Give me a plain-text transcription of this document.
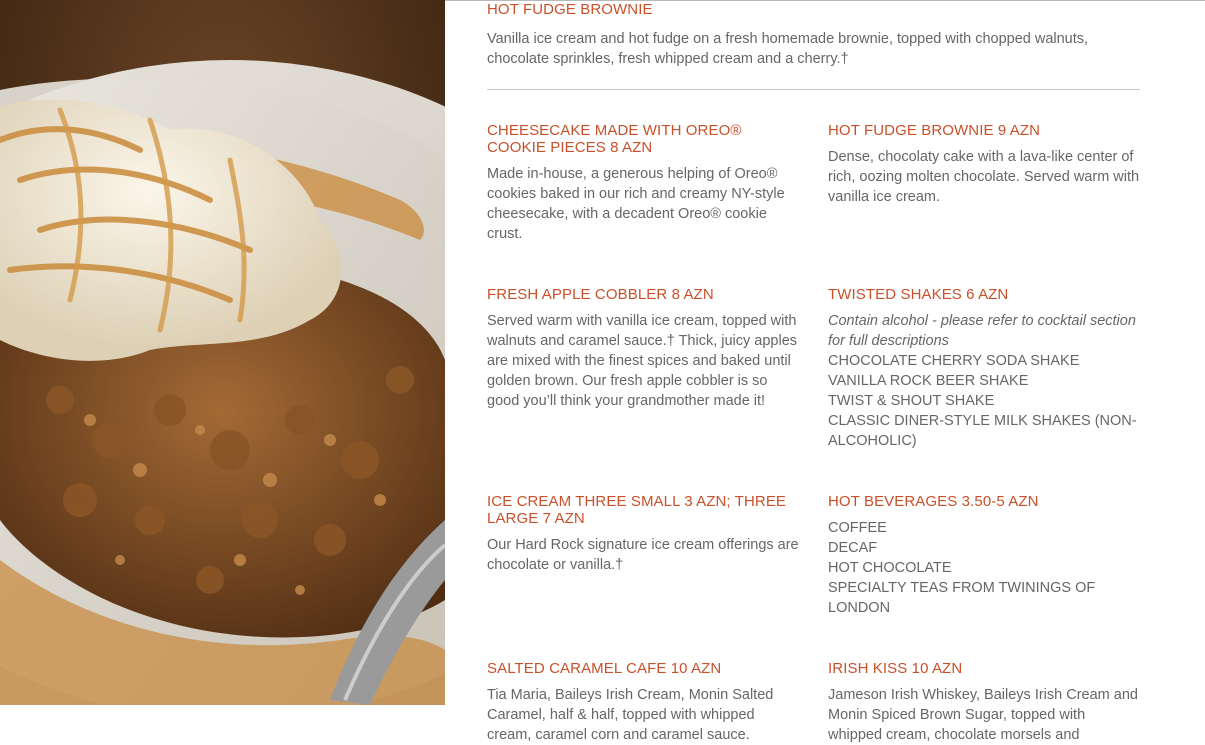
HOT FUDGE BROWNIE
Vanilla ice cream and hot fudge on a fresh homemade brownie, topped with chopped walnuts, chocolate sprinkles, fresh whipped cream and a cherry.†
CHEESECAKE MADE WITH OREO® COOKIE PIECES 8 AZN
Made in-house, a generous helping of Oreo® cookies baked in our rich and creamy NY-style cheesecake, with a decadent Oreo® cookie crust.
HOT FUDGE BROWNIE 9 AZN
Dense, chocolaty cake with a lava-like center of rich, oozing molten chocolate. Served warm with vanilla ice cream.
FRESH APPLE COBBLER 8 AZN
Served warm with vanilla ice cream, topped with walnuts and caramel sauce.† Thick, juicy apples are mixed with the finest spices and baked until golden brown. Our fresh apple cobbler is so good you’ll think your grandmother made it!
TWISTED SHAKES 6 AZN
Contain alcohol - please refer to cocktail section for full descriptions
CHOCOLATE CHERRY SODA SHAKE
VANILLA ROCK BEER SHAKE
TWIST & SHOUT SHAKE
CLASSIC DINER-STYLE MILK SHAKES (NON-ALCOHOLIC)
ICE CREAM THREE SMALL 3 AZN; THREE LARGE 7 AZN
Our Hard Rock signature ice cream offerings are chocolate or vanilla.†
HOT BEVERAGES 3.50-5 AZN
COFFEE
DECAF
HOT CHOCOLATE
SPECIALTY TEAS FROM TWININGS OF LONDON
SALTED CARAMEL CAFE 10 AZN
Tia Maria, Baileys Irish Cream, Monin Salted Caramel, half & half, topped with whipped cream, caramel corn and caramel sauce.
IRISH KISS 10 AZN
Jameson Irish Whiskey, Baileys Irish Cream and Monin Spiced Brown Sugar, topped with whipped cream, chocolate morsels and
